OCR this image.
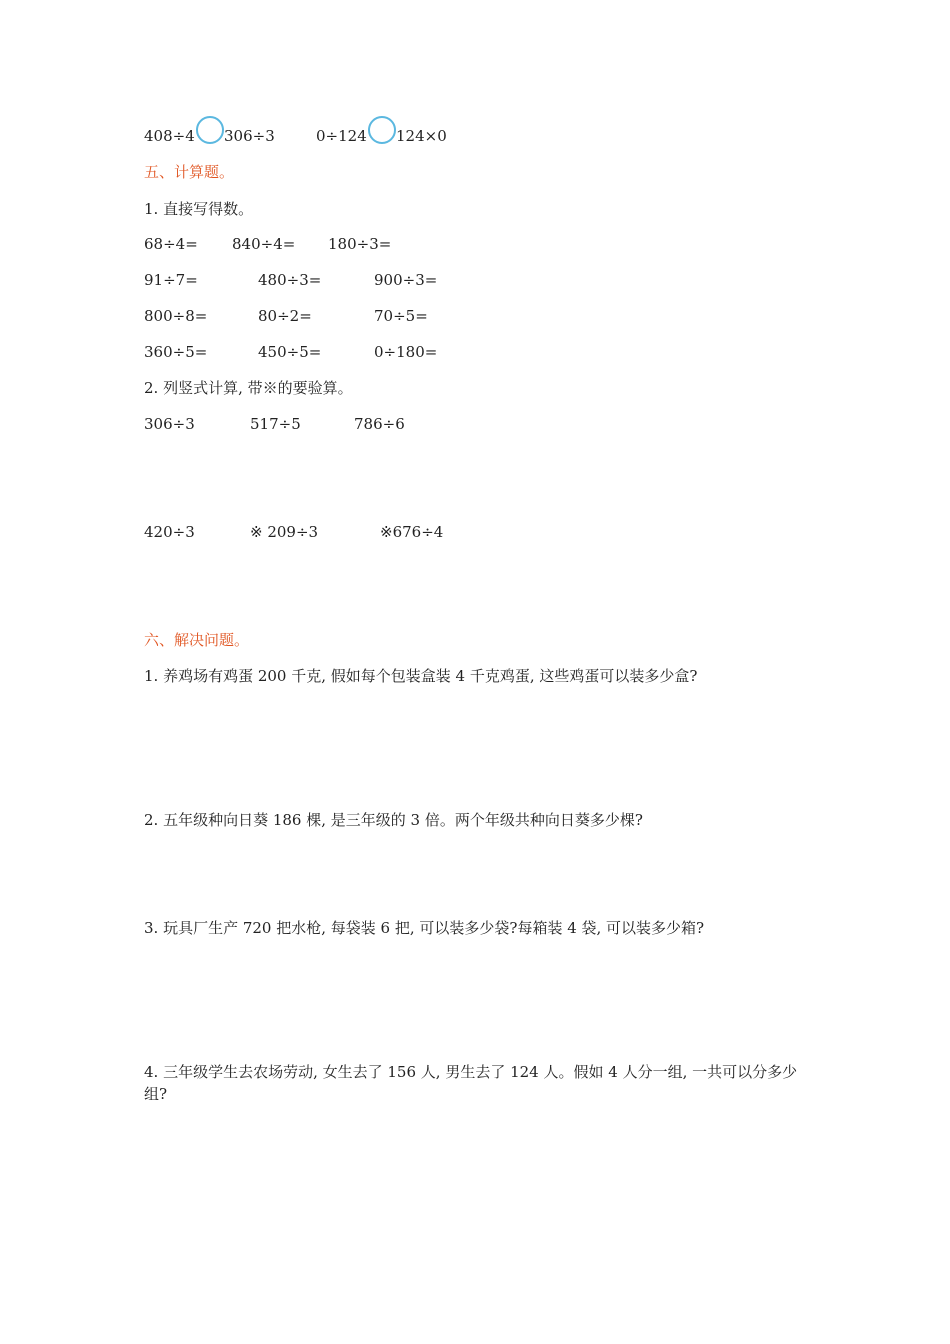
408÷4 306÷3	0÷124 124×0
五、计算题。
1. 直接写得数。
68÷4= 840÷4= 180÷3=
91÷7=	480÷3=	900÷3=
800÷8=	80÷2=	70÷5=
360÷5=	450÷5=	0÷180=
2. 列竖式计算, 带※的要验算。
306÷3	517÷5	786÷6
420÷3	※ 209÷3	※676÷4
六、解决问题。
1. 养鸡场有鸡蛋 200 千克, 假如每个包装盒装 4 千克鸡蛋, 这些鸡蛋可以装多少盒?
2. 五年级种向日葵 186 棵, 是三年级的 3 倍。两个年级共种向日葵多少棵?
3. 玩具厂生产 720 把水枪, 每袋装 6 把, 可以装多少袋?每箱装 4 袋, 可以装多少箱?
4. 三年级学生去农场劳动, 女生去了 156 人, 男生去了 124 人。假如 4 人分一组, 一共可以分多少组?
